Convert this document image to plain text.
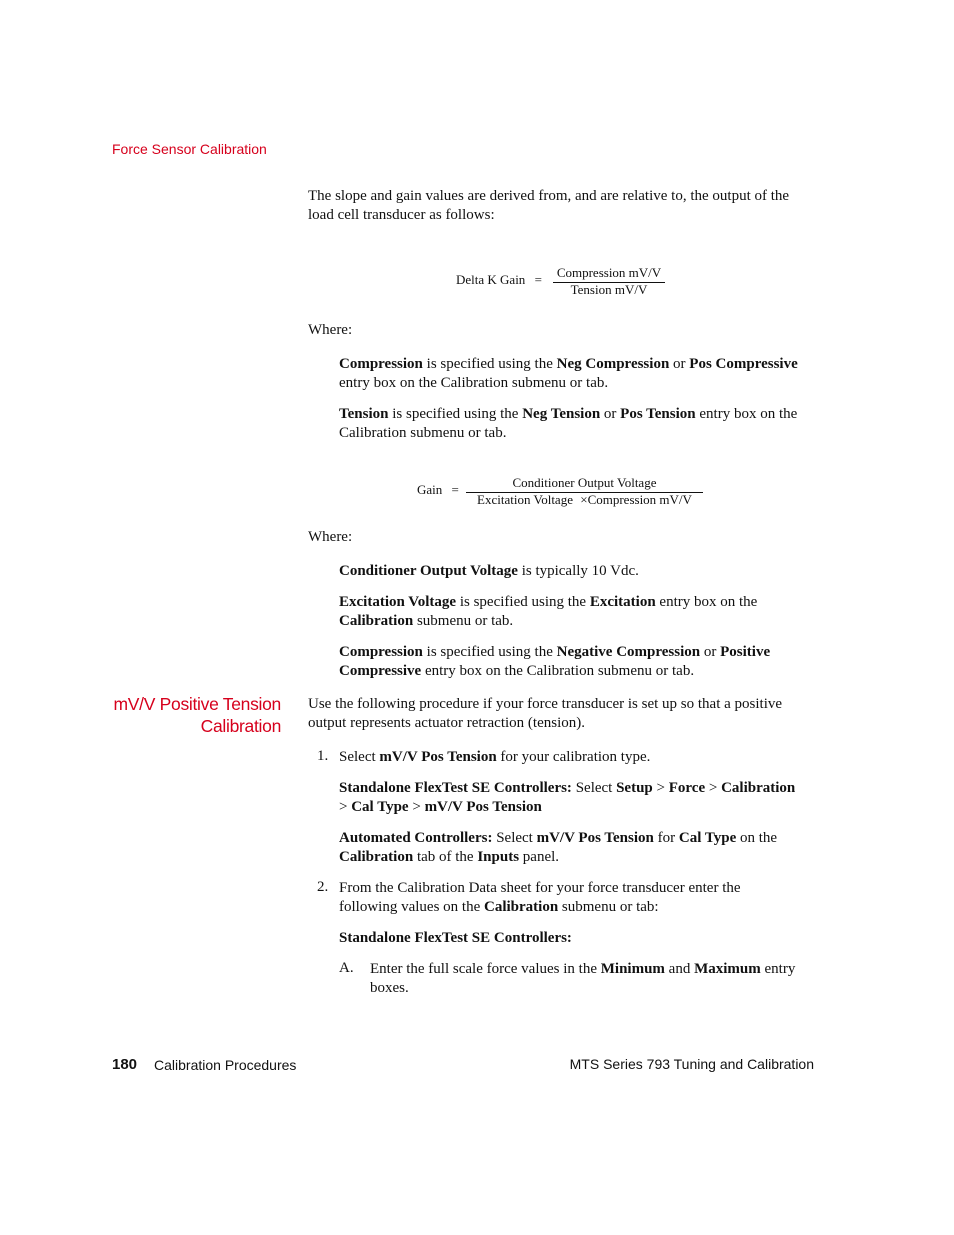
Force Sensor Calibration
The slope and gain values are derived from, and are relative to, the output of the
load cell transducer as follows:
Delta K Gain = Compression mV/V
Tension mV/V
Where:
Compression is specified using the Neg Compression or Pos Compressive
entry box on the Calibration submenu or tab.
Tension is specified using the Neg Tension or Pos Tension entry box on the
Calibration submenu or tab.
Gain =	Conditioner Output Voltage
Excitation Voltage ×Compression mV/V
Where:
Conditioner Output Voltage is typically 10 Vdc.
Excitation Voltage is specified using the Excitation entry box on the
Calibration submenu or tab.
Compression is specified using the Negative Compression or Positive
Compressive entry box on the Calibration submenu or tab.
mV/V Positive Tension
Calibration
Use the following procedure if your force transducer is set up so that a positive
output represents actuator retraction (tension).
1. Select mV/V Pos Tension for your calibration type.
Standalone FlexTest SE Controllers: Select Setup > Force > Calibration
> Cal Type > mV/V Pos Tension
Automated Controllers: Select mV/V Pos Tension for Cal Type on the
Calibration tab of the Inputs panel.
2. From the Calibration Data sheet for your force transducer enter the
following values on the Calibration submenu or tab:
Standalone FlexTest SE Controllers:
A. Enter the full scale force values in the Minimum and Maximum entry
boxes.
180 Calibration Procedures	MTS Series 793 Tuning and Calibration
